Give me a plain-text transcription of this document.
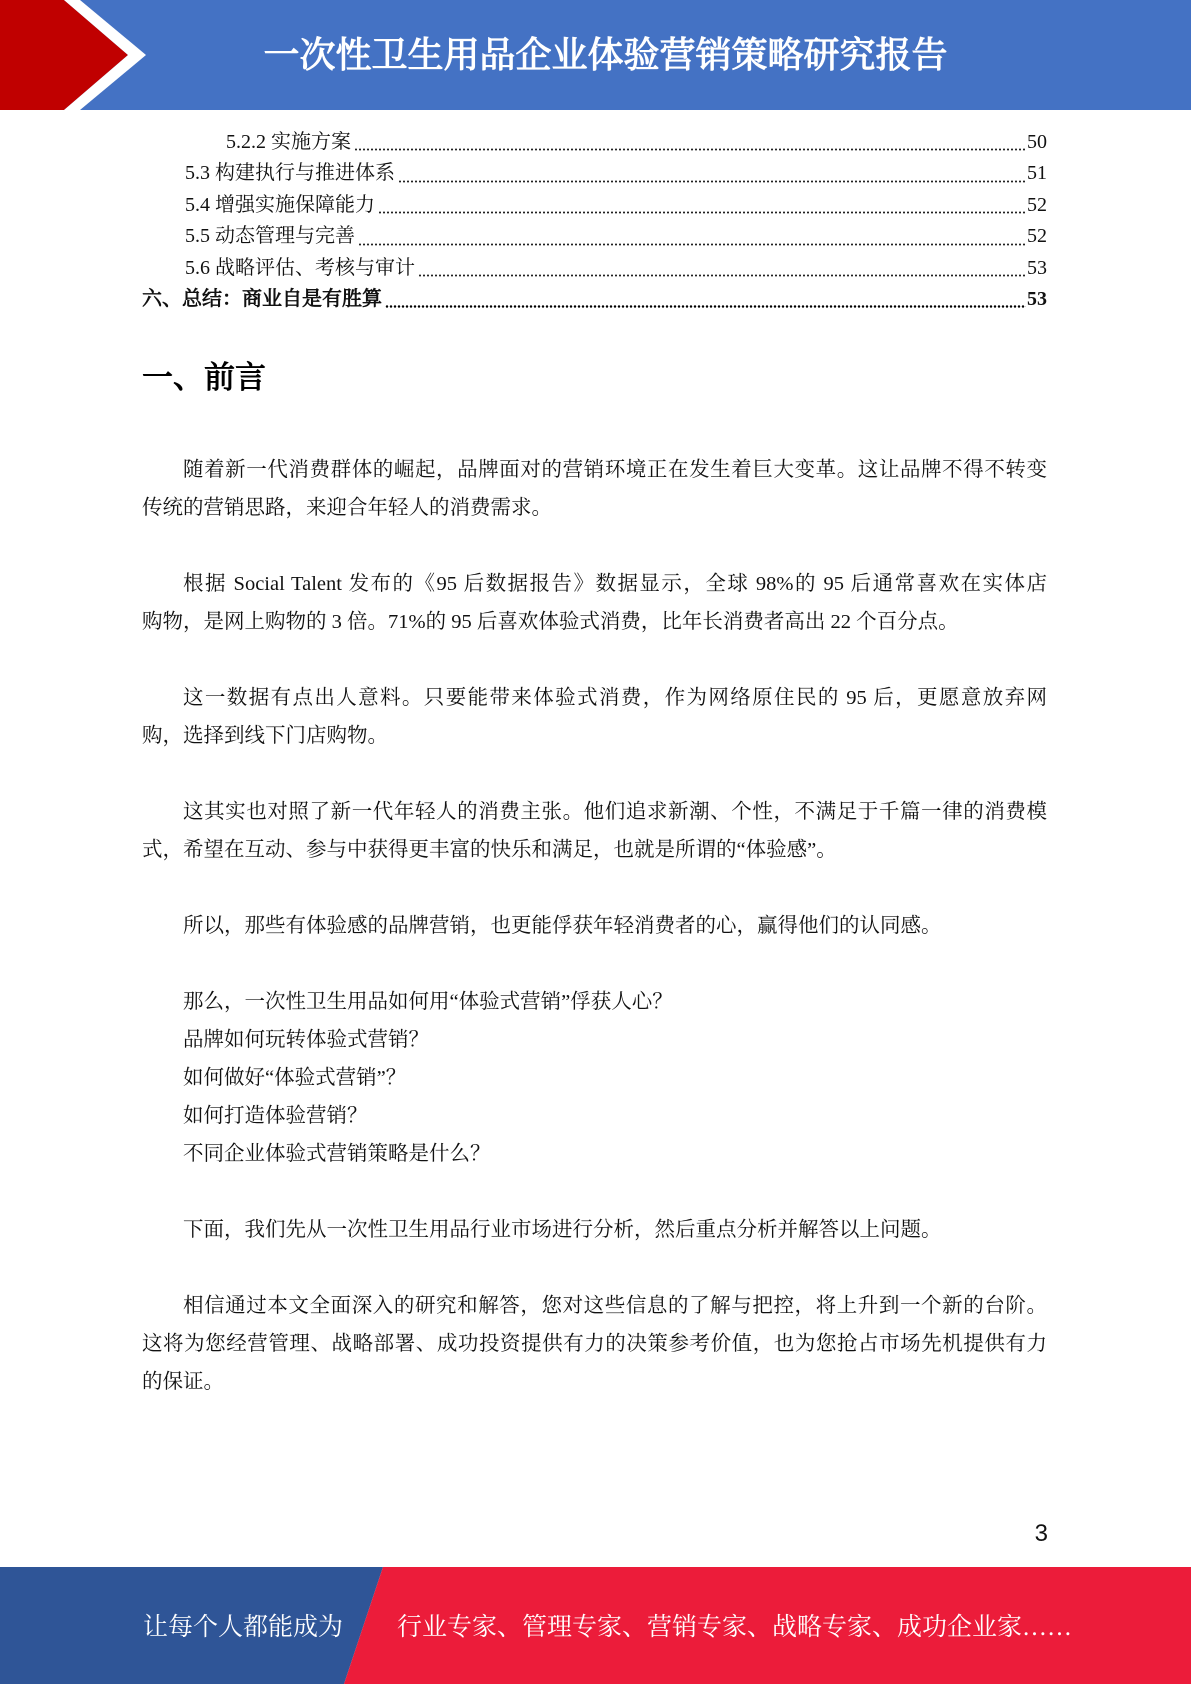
一次性卫生用品企业体验营销策略研究报告
5.2.2 实施方案	50
5.3 构建执行与推进体系	51
5.4 增强实施保障能力	52
5.5 动态管理与完善	52
5.6 战略评估、考核与审计	53
六、总结：商业自是有胜算	53
一、前言
随着新一代消费群体的崛起，品牌面对的营销环境正在发生着巨大变革。这让品牌不得不转变
传统的营销思路，来迎合年轻人的消费需求。
根据 Social Talent 发布的《95 后数据报告》数据显示，全球 98%的 95 后通常喜欢在实体店
购物，是网上购物的 3 倍。71%的 95 后喜欢体验式消费，比年长消费者高出 22 个百分点。
这一数据有点出人意料。只要能带来体验式消费，作为网络原住民的 95 后，更愿意放弃网
购，选择到线下门店购物。
这其实也对照了新一代年轻人的消费主张。他们追求新潮、个性，不满足于千篇一律的消费模
式，希望在互动、参与中获得更丰富的快乐和满足，也就是所谓的“体验感”。
所以，那些有体验感的品牌营销，也更能俘获年轻消费者的心，赢得他们的认同感。
那么，一次性卫生用品如何用“体验式营销”俘获人心？
品牌如何玩转体验式营销？
如何做好“体验式营销”？
如何打造体验营销？
不同企业体验式营销策略是什么？
下面，我们先从一次性卫生用品行业市场进行分析，然后重点分析并解答以上问题。
相信通过本文全面深入的研究和解答，您对这些信息的了解与把控，将上升到一个新的台阶。
这将为您经营管理、战略部署、成功投资提供有力的决策参考价值，也为您抢占市场先机提供有力
的保证。
3
让每个人都能成为 行业专家、管理专家、营销专家、战略专家、成功企业家……
